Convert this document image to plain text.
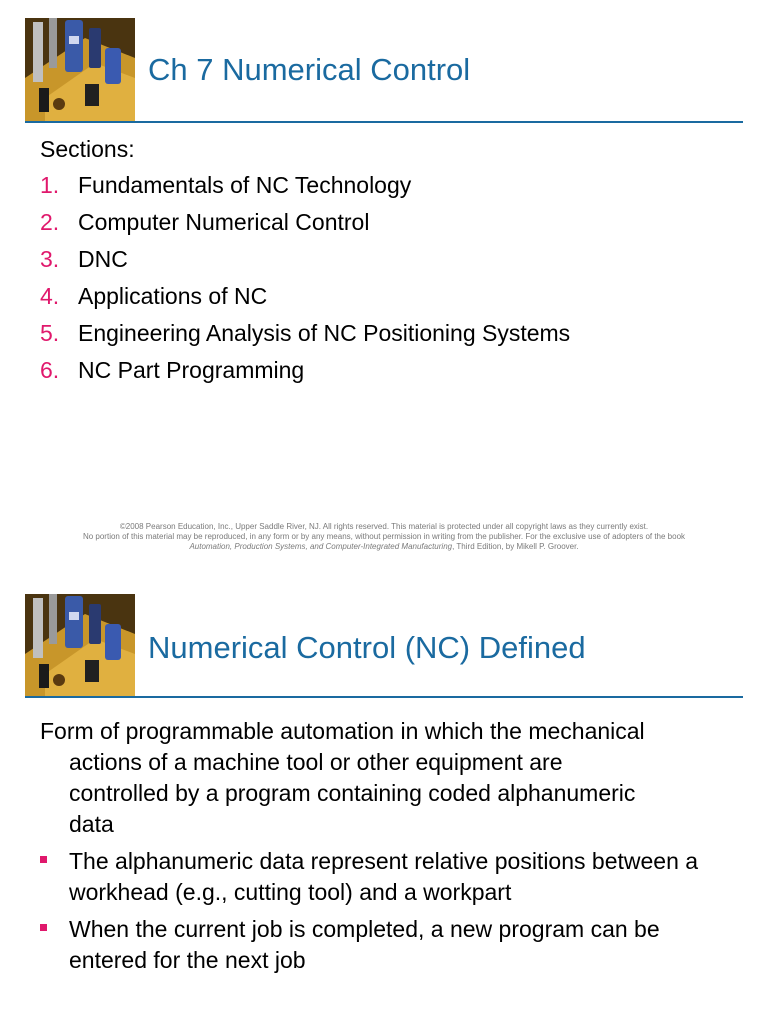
Ch 7 Numerical Control
Sections:
1. Fundamentals of NC Technology
2. Computer Numerical Control
3. DNC
4. Applications of NC
5. Engineering Analysis of NC Positioning Systems
6. NC Part Programming
©2008 Pearson Education, Inc., Upper Saddle River, NJ. All rights reserved. This material is protected under all copyright laws as they currently exist.
No portion of this material may be reproduced, in any form or by any means, without permission in writing from the publisher. For the exclusive use of adopters of the book
Automation, Production Systems, and Computer-Integrated Manufacturing, Third Edition, by Mikell P. Groover.
Numerical Control (NC) Defined
Form of programmable automation in which the mechanical
actions of a machine tool or other equipment are
controlled by a program containing coded alphanumeric
data
The alphanumeric data represent relative positions between a workhead (e.g., cutting tool) and a workpart
When the current job is completed, a new program can be entered for the next job
